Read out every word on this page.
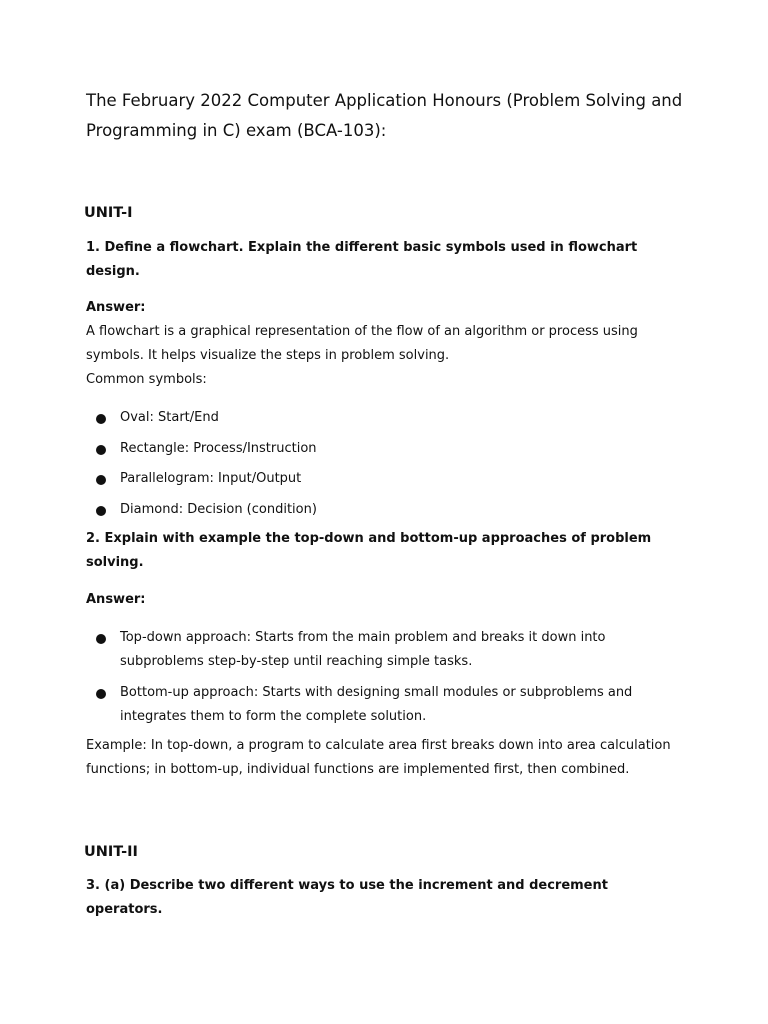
The February 2022 Computer Application Honours (Problem Solving and Programming in C) exam (BCA-103):
UNIT-I

1. Define a flowchart. Explain the different basic symbols used in flowchart design.

Answer:

A flowchart is a graphical representation of the flow of an algorithm or process using symbols. It helps visualize the steps in problem solving.

Common symbols:

Oval: Start/End
Rectangle: Process/Instruction
Parallelogram: Input/Output
Diamond: Decision (condition)

2. Explain with example the top-down and bottom-up approaches of problem solving.

Answer:

Top-down approach: Starts from the main problem and breaks it down into subproblems step-by-step until reaching simple tasks.
Bottom-up approach: Starts with designing small modules or subproblems and integrates them to form the complete solution.

Example: In top-down, a program to calculate area first breaks down into area calculation functions; in bottom-up, individual functions are implemented first, then combined.

UNIT-II

3. (a) Describe two different ways to use the increment and decrement operators.
